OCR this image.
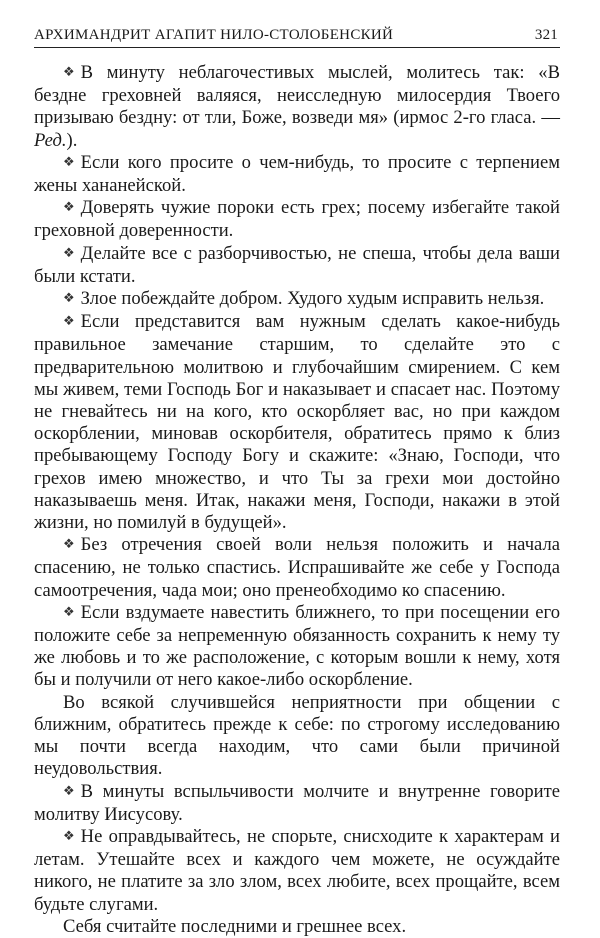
АРХИМАНДРИТ АГАПИТ НИЛО-СТОЛОБЕНСКИЙ	321

❖ В минуту неблагочестивых мыслей, молитесь так: «В бездне греховней валяяся, неисследную милосердия Твоего призываю бездну: от тли, Боже, возведи мя» (ирмос 2-го гласа. — Ред.).

❖ Если кого просите о чем-нибудь, то просите с терпением жены хананейской.

❖ Доверять чужие пороки есть грех; посему избегайте такой греховной доверенности.

❖ Делайте все с разборчивостью, не спеша, чтобы дела ваши были кстати.

❖ Злое побеждайте добром. Худого худым исправить нельзя.

❖ Если представится вам нужным сделать какое-нибудь правильное замечание старшим, то сделайте это с предварительною молитвою и глубочайшим смирением. С кем мы живем, теми Господь Бог и наказывает и спасает нас. Поэтому не гневайтесь ни на кого, кто оскорбляет вас, но при каждом оскорблении, миновав оскорбителя, обратитесь прямо к близ пребывающему Господу Богу и скажите: «Знаю, Господи, что грехов имею множество, и что Ты за грехи мои достойно наказываешь меня. Итак, накажи меня, Господи, накажи в этой жизни, но помилуй в будущей».

❖ Без отречения своей воли нельзя положить и начала спасению, не только спастись. Испрашивайте же себе у Господа самоотречения, чада мои; оно пренеобходимо ко спасению.

❖ Если вздумаете навестить ближнего, то при посещении его положите себе за непременную обязанность сохранить к нему ту же любовь и то же расположение, с которым вошли к нему, хотя бы и получили от него какое-либо оскорбление.

Во всякой случившейся неприятности при общении с ближним, обратитесь прежде к себе: по строгому исследованию мы почти всегда находим, что сами были причиной неудовольствия.

❖ В минуты вспыльчивости молчите и внутренне говорите молитву Иисусову.

❖ Не оправдывайтесь, не спорьте, снисходите к характерам и летам. Утешайте всех и каждого чем можете, не осуждайте никого, не платите за зло злом, всех любите, всех прощайте, всем будьте слугами.

Себя считайте последними и грешнее всех.
